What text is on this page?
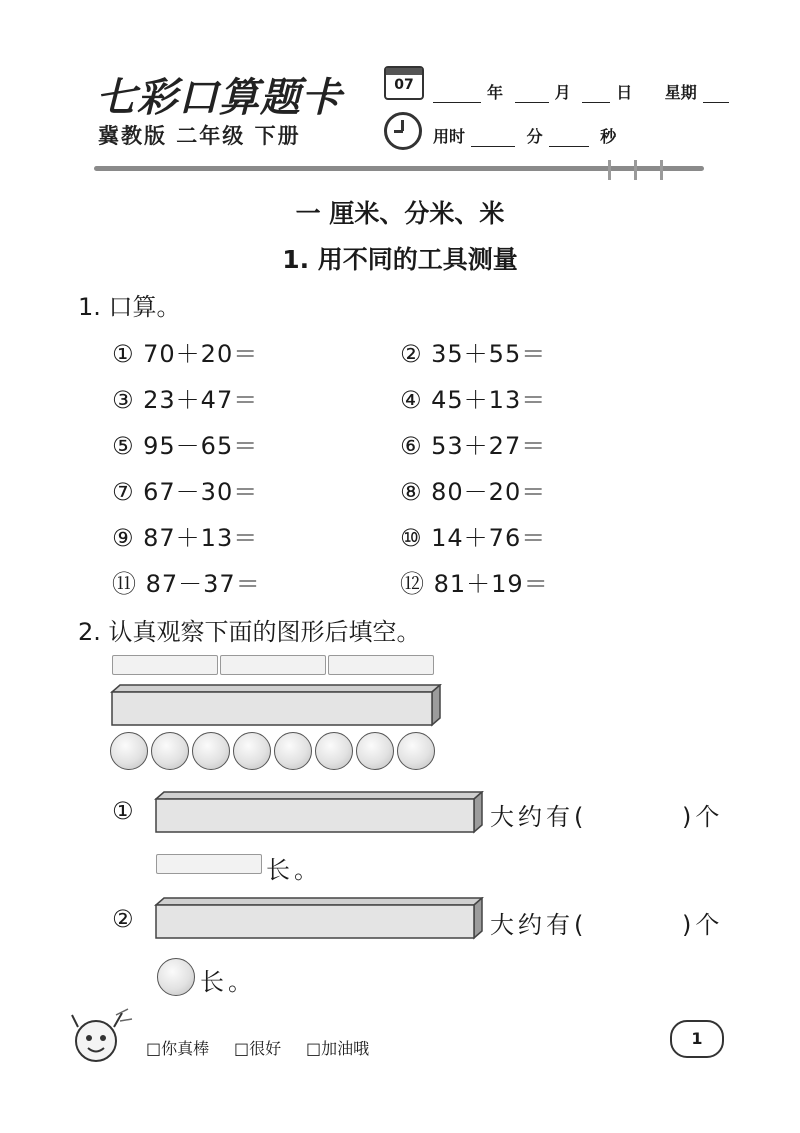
七彩口算题卡
冀教版 二年级 下册
07	年	月	日 星期
用时	分	秒
一 厘米、分米、米
1. 用不同的工具测量
1. 口算。
① 70＋20＝	② 35＋55＝
③ 23＋47＝	④ 45＋13＝
⑤ 95－65＝	⑥ 53＋27＝
⑦ 67－30＝	⑧ 80－20＝
⑨ 87＋13＝	⑩ 14＋76＝
⑪ 87－37＝	⑫ 81＋19＝
2. 认真观察下面的图形后填空。
①	大约有(	)个
长。
②	大约有(	)个
长。
□你真棒 □很好 □加油哦
1
